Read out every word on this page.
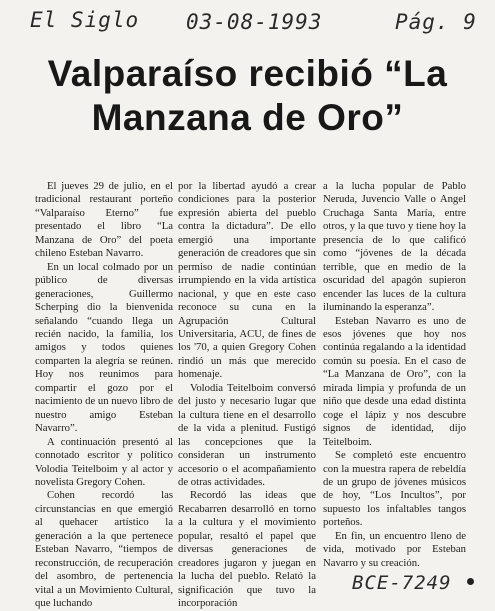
El Siglo 03-08-1993	Pág. 9
Valparaíso recibió “La
Manzana de Oro”

El jueves 29 de julio, en el tradicional restaurant porteño “Valparaíso Eterno” fue presentado el libro “La Manzana de Oro” del poeta chileno Esteban Navarro.

En un local colmado por un público de diversas generaciones, Guillermo Scherping dio la bienvenida señalando “cuando llega un recién nacido, la familia, los amigos y todos quienes comparten la alegría se reúnen. Hoy nos reunimos para compartir el gozo por el nacimiento de un nuevo libro de nuestro amigo Esteban Navarro”.

A continuación presentó al connotado escritor y político Volodia Teitelboim y al actor y novelista Gregory Cohen.

Cohen recordó las circunstancias en que emergió al quehacer artístico la generación a la que pertenece Esteban Navarro, “tiempos de reconstrucción, de recuperación del asombro, de pertenencia vital a un Movimiento Cultural, que luchando

por la libertad ayudó a crear condiciones para la posterior expresión abierta del pueblo contra la dictadura”. De ello emergió una importante generación de creadores que sin permiso de nadie continúan irrumpiendo en la vida artística nacional, y que en este caso reconoce su cuna en la Agrupación Cultural Universitaria, ACU, de fines de los '70, a quien Gregory Cohen rindió un más que merecido homenaje.

Volodia Teitelboim conversó del justo y necesario lugar que la cultura tiene en el desarrollo de la vida a plenitud. Fustigó las concepciones que la consideran un instrumento accesorio o el acompañamiento de otras actividades.

Recordó las ideas que Recabarren desarrolló en torno a la cultura y el movimiento popular, resaltó el papel que diversas generaciones de creadores jugaron y juegan en la lucha del pueblo. Relató la significación que tuvo la incorporación

a la lucha popular de Pablo Neruda, Juvencio Valle o Angel Cruchaga Santa María, entre otros, y la que tuvo y tiene hoy la presencia de lo que calificó como “jóvenes de la década terrible, que en medio de la oscuridad del apagón supieron encender las luces de la cultura iluminando la esperanza”.

Esteban Navarro es uno de esos jóvenes que hoy nos continúa regalando a la identidad común su poesía. En el caso de “La Manzana de Oro”, con la mirada limpia y profunda de un niño que desde una edad distinta coge el lápiz y nos descubre signos de identidad, dijo Teitelboim.

Se completó este encuentro con la muestra rapera de rebeldía de un grupo de jóvenes músicos de hoy, “Los Incultos”, por supuesto los infaltables tangos porteños.

En fin, un encuentro lleno de vida, motivado por Esteban Navarro y su creación.

BCE-7249
